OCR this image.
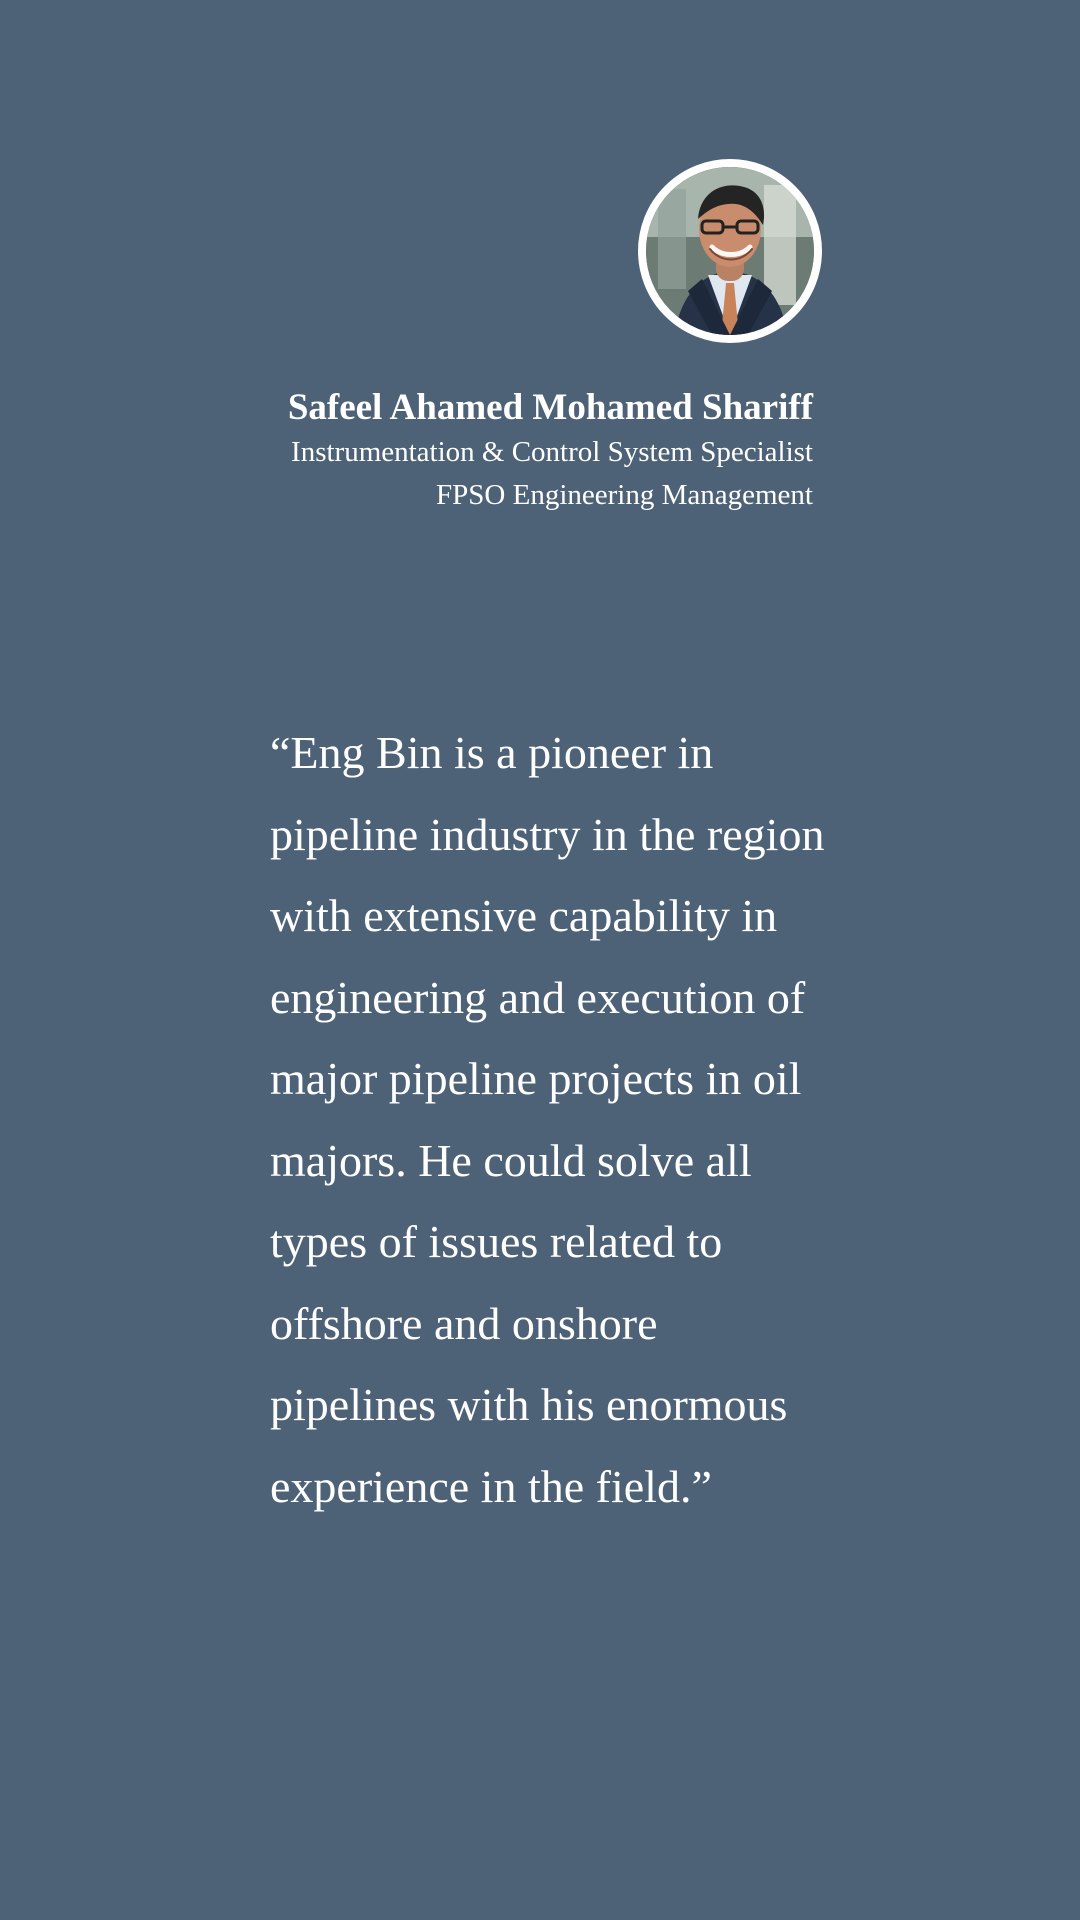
Safeel Ahamed Mohamed Shariff

Instrumentation & Control System Specialist

FPSO Engineering Management

“Eng Bin is a pioneer in pipeline industry in the region with extensive capability in engineering and execution of major pipeline projects in oil majors. He could solve all types of issues related to offshore and onshore pipelines with his enormous experience in the field.”
